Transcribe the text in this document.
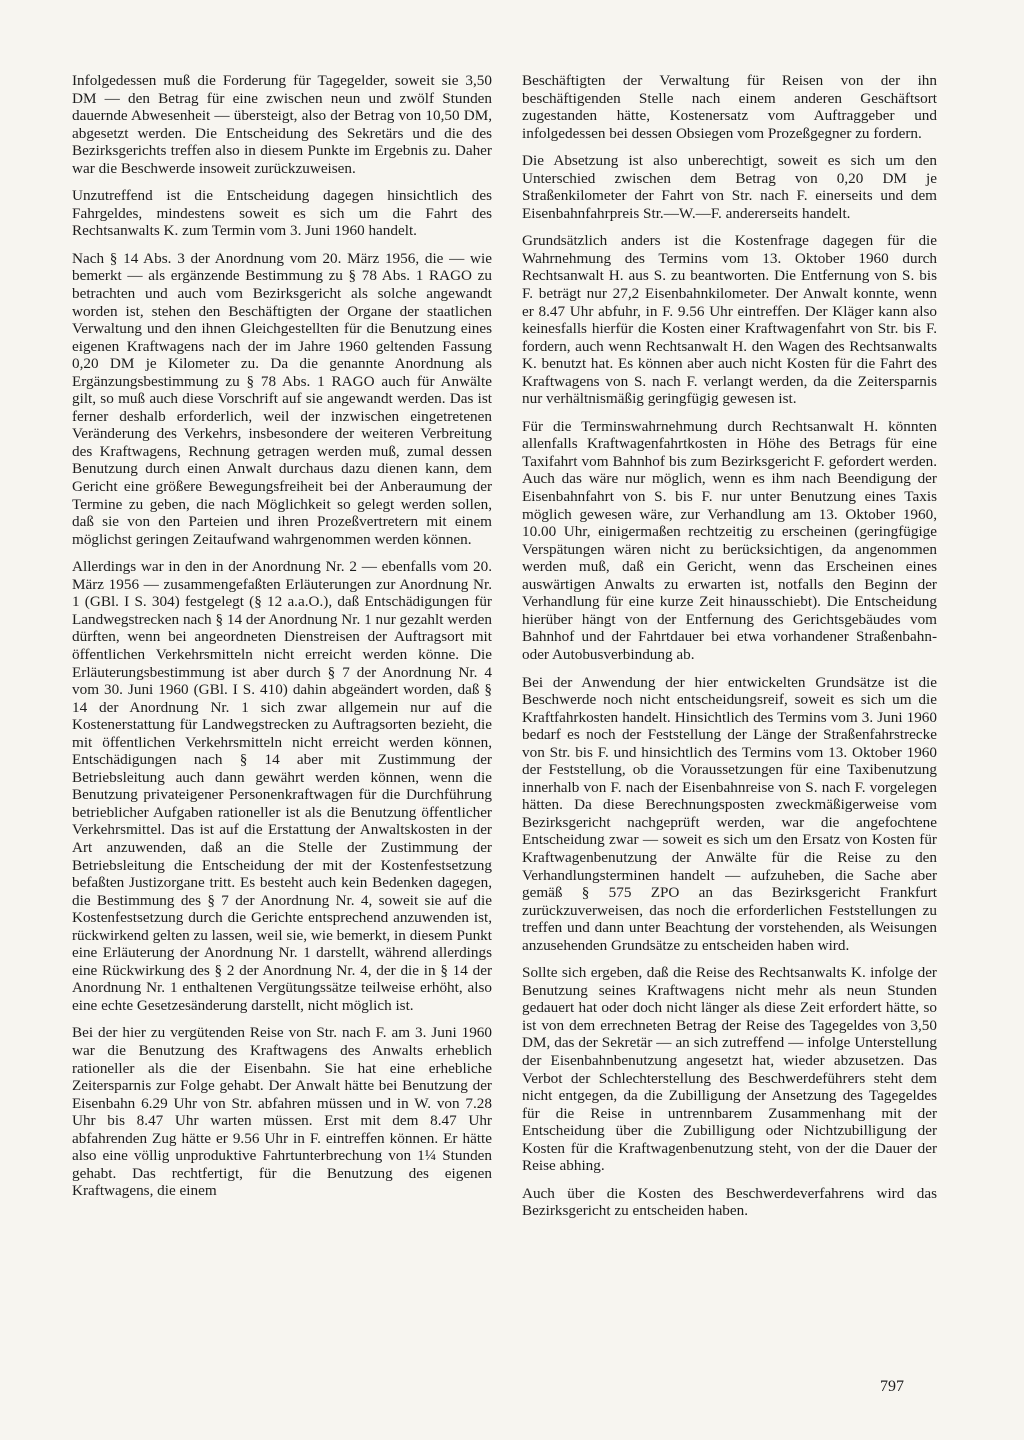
Infolgedessen muß die Forderung für Tagegelder, soweit sie 3,50 DM — den Betrag für eine zwischen neun und zwölf Stunden dauernde Abwesenheit — übersteigt, also der Betrag von 10,50 DM, abgesetzt werden. Die Entscheidung des Sekretärs und die des Bezirksgerichts treffen also in diesem Punkte im Ergebnis zu. Daher war die Beschwerde insoweit zurückzuweisen.

Unzutreffend ist die Entscheidung dagegen hinsichtlich des Fahrgeldes, mindestens soweit es sich um die Fahrt des Rechtsanwalts K. zum Termin vom 3. Juni 1960 handelt.

Nach § 14 Abs. 3 der Anordnung vom 20. März 1956, die — wie bemerkt — als ergänzende Bestimmung zu § 78 Abs. 1 RAGO zu betrachten und auch vom Bezirksgericht als solche angewandt worden ist, stehen den Beschäftigten der Organe der staatlichen Verwaltung und den ihnen Gleichgestellten für die Benutzung eines eigenen Kraftwagens nach der im Jahre 1960 geltenden Fassung 0,20 DM je Kilometer zu. Da die genannte Anordnung als Ergänzungsbestimmung zu § 78 Abs. 1 RAGO auch für Anwälte gilt, so muß auch diese Vorschrift auf sie angewandt werden. Das ist ferner deshalb erforderlich, weil der inzwischen eingetretenen Veränderung des Verkehrs, insbesondere der weiteren Verbreitung des Kraftwagens, Rechnung getragen werden muß, zumal dessen Benutzung durch einen Anwalt durchaus dazu dienen kann, dem Gericht eine größere Bewegungsfreiheit bei der Anberaumung der Termine zu geben, die nach Möglichkeit so gelegt werden sollen, daß sie von den Parteien und ihren Prozeßvertretern mit einem möglichst geringen Zeitaufwand wahrgenommen werden können.

Allerdings war in den in der Anordnung Nr. 2 — ebenfalls vom 20. März 1956 — zusammengefaßten Erläuterungen zur Anordnung Nr. 1 (GBl. I S. 304) festgelegt (§ 12 a.a.O.), daß Entschädigungen für Landwegstrecken nach § 14 der Anordnung Nr. 1 nur gezahlt werden dürften, wenn bei angeordneten Dienstreisen der Auftragsort mit öffentlichen Verkehrsmitteln nicht erreicht werden könne. Die Erläuterungsbestimmung ist aber durch § 7 der Anordnung Nr. 4 vom 30. Juni 1960 (GBl. I S. 410) dahin abgeändert worden, daß § 14 der Anordnung Nr. 1 sich zwar allgemein nur auf die Kostenerstattung für Landwegstrecken zu Auftragsorten bezieht, die mit öffentlichen Verkehrsmitteln nicht erreicht werden können, Entschädigungen nach § 14 aber mit Zustimmung der Betriebsleitung auch dann gewährt werden können, wenn die Benutzung privateigener Personenkraftwagen für die Durchführung betrieblicher Aufgaben rationeller ist als die Benutzung öffentlicher Verkehrsmittel. Das ist auf die Erstattung der Anwaltskosten in der Art anzuwenden, daß an die Stelle der Zustimmung der Betriebsleitung die Entscheidung der mit der Kostenfestsetzung befaßten Justizorgane tritt. Es besteht auch kein Bedenken dagegen, die Bestimmung des § 7 der Anordnung Nr. 4, soweit sie auf die Kostenfestsetzung durch die Gerichte entsprechend anzuwenden ist, rückwirkend gelten zu lassen, weil sie, wie bemerkt, in diesem Punkt eine Erläuterung der Anordnung Nr. 1 darstellt, während allerdings eine Rückwirkung des § 2 der Anordnung Nr. 4, der die in § 14 der Anordnung Nr. 1 enthaltenen Vergütungssätze teilweise erhöht, also eine echte Gesetzesänderung darstellt, nicht möglich ist.

Bei der hier zu vergütenden Reise von Str. nach F. am 3. Juni 1960 war die Benutzung des Kraftwagens des Anwalts erheblich rationeller als die der Eisenbahn. Sie hat eine erhebliche Zeitersparnis zur Folge gehabt. Der Anwalt hätte bei Benutzung der Eisenbahn 6.29 Uhr von Str. abfahren müssen und in W. von 7.28 Uhr bis 8.47 Uhr warten müssen. Erst mit dem 8.47 Uhr abfahrenden Zug hätte er 9.56 Uhr in F. eintreffen können. Er hätte also eine völlig unproduktive Fahrtunterbrechung von 1¼ Stunden gehabt. Das rechtfertigt, für die Benutzung des eigenen Kraftwagens, die einem

Beschäftigten der Verwaltung für Reisen von der ihn beschäftigenden Stelle nach einem anderen Geschäftsort zugestanden hätte, Kostenersatz vom Auftraggeber und infolgedessen bei dessen Obsiegen vom Prozeßgegner zu fordern.

Die Absetzung ist also unberechtigt, soweit es sich um den Unterschied zwischen dem Betrag von 0,20 DM je Straßenkilometer der Fahrt von Str. nach F. einerseits und dem Eisenbahnfahrpreis Str.—W.—F. andererseits handelt.

Grundsätzlich anders ist die Kostenfrage dagegen für die Wahrnehmung des Termins vom 13. Oktober 1960 durch Rechtsanwalt H. aus S. zu beantworten. Die Entfernung von S. bis F. beträgt nur 27,2 Eisenbahnkilometer. Der Anwalt konnte, wenn er 8.47 Uhr abfuhr, in F. 9.56 Uhr eintreffen. Der Kläger kann also keinesfalls hierfür die Kosten einer Kraftwagenfahrt von Str. bis F. fordern, auch wenn Rechtsanwalt H. den Wagen des Rechtsanwalts K. benutzt hat. Es können aber auch nicht Kosten für die Fahrt des Kraftwagens von S. nach F. verlangt werden, da die Zeitersparnis nur verhältnismäßig geringfügig gewesen ist.

Für die Terminswahrnehmung durch Rechtsanwalt H. könnten allenfalls Kraftwagenfahrtkosten in Höhe des Betrags für eine Taxifahrt vom Bahnhof bis zum Bezirksgericht F. gefordert werden. Auch das wäre nur möglich, wenn es ihm nach Beendigung der Eisenbahnfahrt von S. bis F. nur unter Benutzung eines Taxis möglich gewesen wäre, zur Verhandlung am 13. Oktober 1960, 10.00 Uhr, einigermaßen rechtzeitig zu erscheinen (geringfügige Verspätungen wären nicht zu berücksichtigen, da angenommen werden muß, daß ein Gericht, wenn das Erscheinen eines auswärtigen Anwalts zu erwarten ist, notfalls den Beginn der Verhandlung für eine kurze Zeit hinausschiebt). Die Entscheidung hierüber hängt von der Entfernung des Gerichtsgebäudes vom Bahnhof und der Fahrtdauer bei etwa vorhandener Straßenbahn- oder Autobusverbindung ab.

Bei der Anwendung der hier entwickelten Grundsätze ist die Beschwerde noch nicht entscheidungsreif, soweit es sich um die Kraftfahrkosten handelt. Hinsichtlich des Termins vom 3. Juni 1960 bedarf es noch der Feststellung der Länge der Straßenfahrstrecke von Str. bis F. und hinsichtlich des Termins vom 13. Oktober 1960 der Feststellung, ob die Voraussetzungen für eine Taxibenutzung innerhalb von F. nach der Eisenbahnreise von S. nach F. vorgelegen hätten. Da diese Berechnungsposten zweckmäßigerweise vom Bezirksgericht nachgeprüft werden, war die angefochtene Entscheidung zwar — soweit es sich um den Ersatz von Kosten für Kraftwagenbenutzung der Anwälte für die Reise zu den Verhandlungsterminen handelt — aufzuheben, die Sache aber gemäß § 575 ZPO an das Bezirksgericht Frankfurt zurückzuverweisen, das noch die erforderlichen Feststellungen zu treffen und dann unter Beachtung der vorstehenden, als Weisungen anzusehenden Grundsätze zu entscheiden haben wird.

Sollte sich ergeben, daß die Reise des Rechtsanwalts K. infolge der Benutzung seines Kraftwagens nicht mehr als neun Stunden gedauert hat oder doch nicht länger als diese Zeit erfordert hätte, so ist von dem errechneten Betrag der Reise des Tagegeldes von 3,50 DM, das der Sekretär — an sich zutreffend — infolge Unterstellung der Eisenbahnbenutzung angesetzt hat, wieder abzusetzen. Das Verbot der Schlechterstellung des Beschwerdeführers steht dem nicht entgegen, da die Zubilligung der Ansetzung des Tagegeldes für die Reise in untrennbarem Zusammenhang mit der Entscheidung über die Zubilligung oder Nichtzubilligung der Kosten für die Kraftwagenbenutzung steht, von der die Dauer der Reise abhing.

Auch über die Kosten des Beschwerdeverfahrens wird das Bezirksgericht zu entscheiden haben.

797
